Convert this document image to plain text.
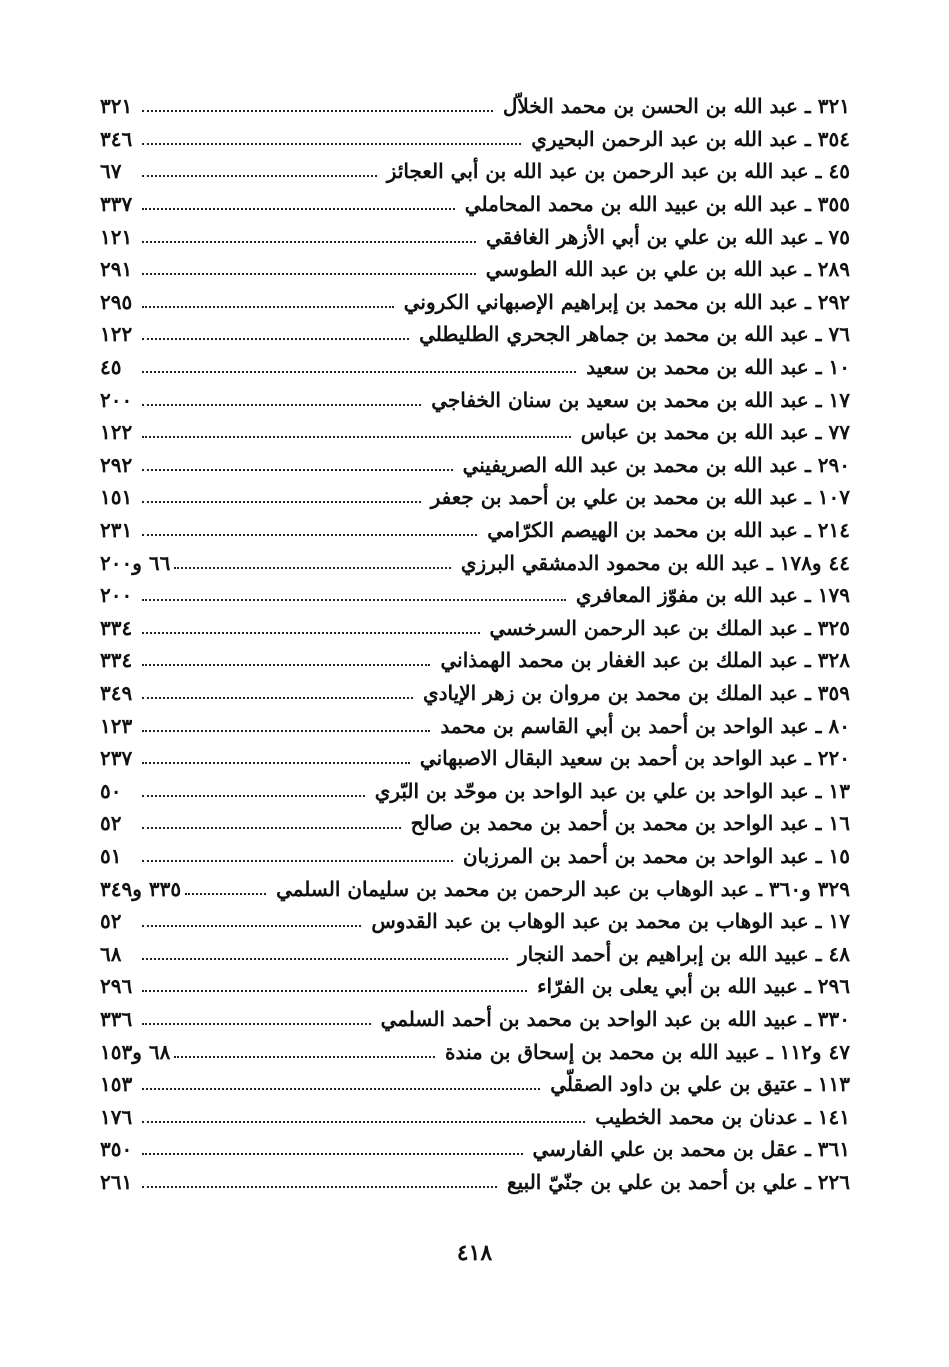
٣٢١ ـ عبد الله بن الحسن بن محمد الخلاّل
٣٢١
٣٥٤ ـ عبد الله بن عبد الرحمن البحيري
٣٤٦
٤٥ ـ عبد الله بن عبد الرحمن بن عبد الله بن أبي العجائز
٦٧
٣٥٥ ـ عبد الله بن عبيد الله بن محمد المحاملي
٣٣٧
٧٥ ـ عبد الله بن علي بن أبي الأزهر الغافقي
١٢١
٢٨٩ ـ عبد الله بن علي بن عبد الله الطوسي
٢٩١
٢٩٢ ـ عبد الله بن محمد بن إبراهيم الإصبهاني الكروني
٢٩٥
٧٦ ـ عبد الله بن محمد بن جماهر الجحري الطليطلي
١٢٢
١٠ ـ عبد الله بن محمد بن سعيد
٤٥
١٧ ـ عبد الله بن محمد بن سعيد بن سنان الخفاجي
٢٠٠
٧٧ ـ عبد الله بن محمد بن عباس
١٢٢
٢٩٠ ـ عبد الله بن محمد بن عبد الله الصريفيني
٢٩٢
١٠٧ ـ عبد الله بن محمد بن علي بن أحمد بن جعفر
١٥١
٢١٤ ـ عبد الله بن محمد بن الهيصم الكرّامي
٢٣١
٤٤ و١٧٨ ـ عبد الله بن محمود الدمشقي البرزي
٦٦ و٢٠٠
١٧٩ ـ عبد الله بن مفوّز المعافري
٢٠٠
٣٢٥ ـ عبد الملك بن عبد الرحمن السرخسي
٣٣٤
٣٢٨ ـ عبد الملك بن عبد الغفار بن محمد الهمذاني
٣٣٤
٣٥٩ ـ عبد الملك بن محمد بن مروان بن زهر الإيادي
٣٤٩
٨٠ ـ عبد الواحد بن أحمد بن أبي القاسم بن محمد
١٢٣
٢٢٠ ـ عبد الواحد بن أحمد بن سعيد البقال الاصبهاني
٢٣٧
١٣ ـ عبد الواحد بن علي بن عبد الواحد بن موحّد بن البّري
٥٠
١٦ ـ عبد الواحد بن محمد بن أحمد بن محمد بن صالح
٥٢
١٥ ـ عبد الواحد بن محمد بن أحمد بن المرزبان
٥١
٣٢٩ و٣٦٠ ـ عبد الوهاب بن عبد الرحمن بن محمد بن سليمان السلمي
٣٣٥ و٣٤٩
١٧ ـ عبد الوهاب بن محمد بن عبد الوهاب بن عبد القدوس
٥٢
٤٨ ـ عبيد الله بن إبراهيم بن أحمد النجار
٦٨
٢٩٦ ـ عبيد الله بن أبي يعلى بن الفرّاء
٢٩٦
٣٣٠ ـ عبيد الله بن عبد الواحد بن محمد بن أحمد السلمي
٣٣٦
٤٧ و١١٢ ـ عبيد الله بن محمد بن إسحاق بن مندة
٦٨ و١٥٣
١١٣ ـ عتيق بن علي بن داود الصقلّي
١٥٣
١٤١ ـ عدنان بن محمد الخطيب
١٧٦
٣٦١ ـ عقل بن محمد بن علي الفارسي
٣٥٠
٢٢٦ ـ علي بن أحمد بن علي بن جنّيّ البيع
٢٦١
٤١٨
